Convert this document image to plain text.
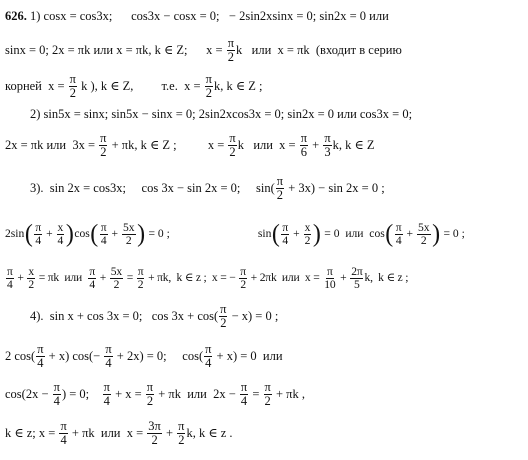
626. 1) cosx = cos3x;      cos3x − cosx = 0;   − 2sin2xsinx = 0; sin2x = 0 или
sinx = 0; 2x = πk или x = πk, k ∈ Z;      $x = \frac{\pi}{2}$ k   или  x = πk  (входит в серию
корней  $x = \frac{\pi}{2}$ k ), k ∈ Z,         т.е.  $x = \frac{\pi}{2} k$, k ∈ Z ;
2) sin5x = sinx; sin5x − sinx = 0; 2sin2xcos3x = 0; sin2x = 0 или cos3x = 0;
2x = πk или  $3x = \frac{\pi}{2} + \pi k$, k ∈ Z ;          $x = \frac{\pi}{2}$ k   или  $x = \frac{\pi}{6} + \frac{\pi}{3} k$, k ∈ Z
3).  sin 2x = cos3x;     cos 3x − sin 2x = 0;     $\sin( \frac{\pi}{2} + 3x) - \sin 2x = 0$ ;
2sin ( $\frac{\pi}{4} + \frac{x}{4}$ ) cos ( $\frac{\pi}{4} + \frac{5x}{2}$ ) = 0 ;	sin ( $\frac{\pi}{4} + \frac{x}{2}$ ) = 0  или  cos ( $\frac{\pi}{4} + \frac{5x}{2}$ ) = 0 ;
$\frac{\pi}{4} + \frac{x}{2} = \pi k$  или $\frac{\pi}{4} + \frac{5x}{2} = \frac{\pi}{2} + \pi k$,  k ∈ z ;  x = − $\frac{\pi}{2} + 2\pi k$  или  $x = \frac{\pi}{10} + \frac{2\pi}{5} k$,  k ∈ z ;
4).  sin x + cos 3x = 0;   $\cos 3x + \cos( \frac{\pi}{2} - x) = 0$ ;
2 $\cos( \frac{\pi}{4} + x)$ $\cos(- \frac{\pi}{4} + 2x) = 0$;     $\cos( \frac{\pi}{4} + x) = 0$  или
$\cos(2x - \frac{\pi}{4}$ ) = 0; $\frac{\pi}{4} + x = \frac{\pi}{2} + \pi k$  или  $2x - \frac{\pi}{4} = \frac{\pi}{2} + \pi k$ ,
k ∈ z; $x = \frac{\pi}{4} + \pi k$  или  $x = \frac{3\pi}{2} + \frac{\pi}{2} k$, k ∈ z .
